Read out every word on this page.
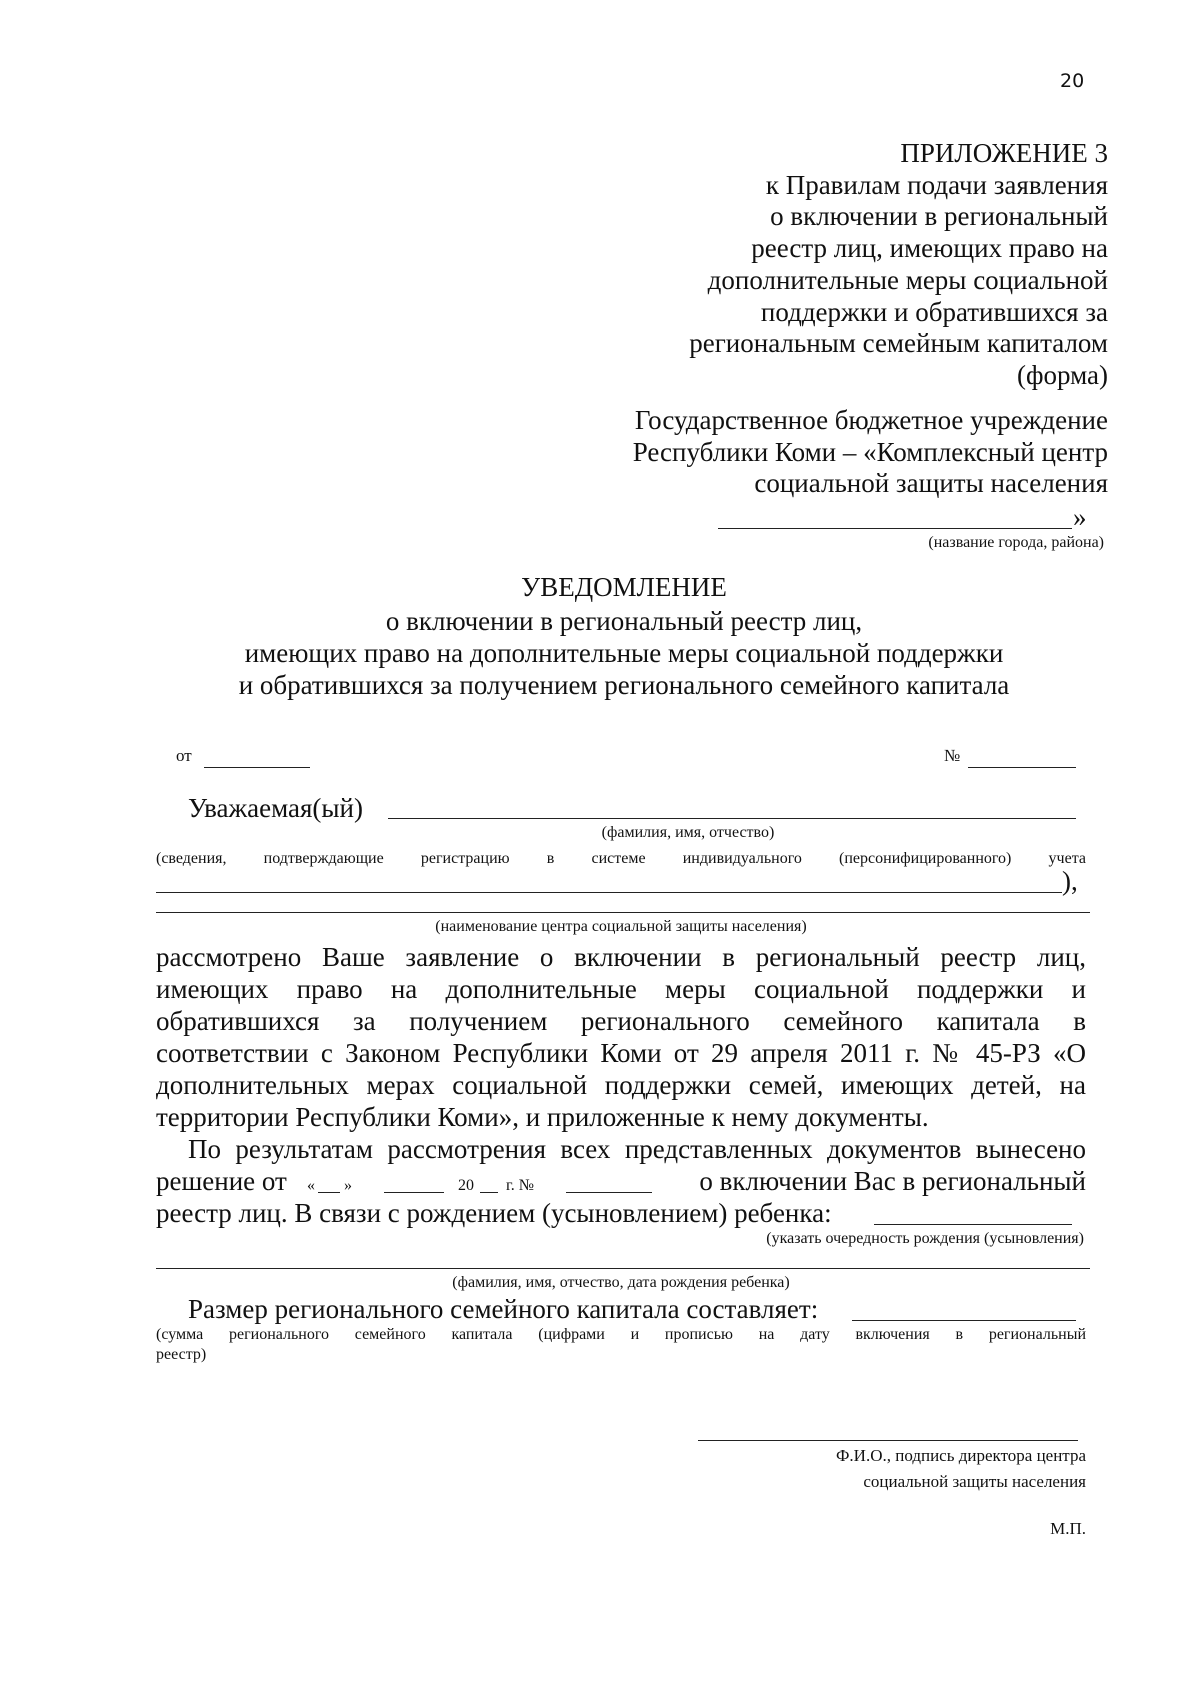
20
ПРИЛОЖЕНИЕ 3
к Правилам подачи заявления
о включении в региональный
реестр лиц, имеющих право на
дополнительные меры социальной
поддержки и обратившихся за
региональным семейным капиталом
(форма)
Государственное бюджетное учреждение
Республики Коми – «Комплексный центр
социальной защиты населения
»
(название города, района)
УВЕДОМЛЕНИЕ
о включении в региональный реестр лиц,
имеющих право на дополнительные меры социальной поддержки
и обратившихся за получением регионального семейного капитала
от	№
Уважаемая(ый)
(фамилия, имя, отчество)
(сведения, подтверждающие регистрацию в системе индивидуального (персонифицированного) учета
),
(наименование центра социальной защиты населения)
рассмотрено Ваше заявление о включении в региональный реестр лиц,
имеющих право на дополнительные меры социальной поддержки и
обратившихся за получением регионального семейного капитала в
соответствии с Законом Республики Коми от 29 апреля 2011 г. № 45-РЗ «О
дополнительных мерах социальной поддержки семей, имеющих детей, на
территории Республики Коми», и приложенные к нему документы.
По результатам рассмотрения всех представленных документов вынесено
решение от « »	20 г. №	о включении Вас в региональный
реестр лиц. В связи с рождением (усыновлением) ребенка:
(указать очередность рождения (усыновления)
(фамилия, имя, отчество, дата рождения ребенка)
Размер регионального семейного капитала составляет:
(сумма регионального семейного капитала (цифрами и прописью на дату включения в региональный
реестр)
Ф.И.О., подпись директора центра
социальной защиты населения
М.П.
